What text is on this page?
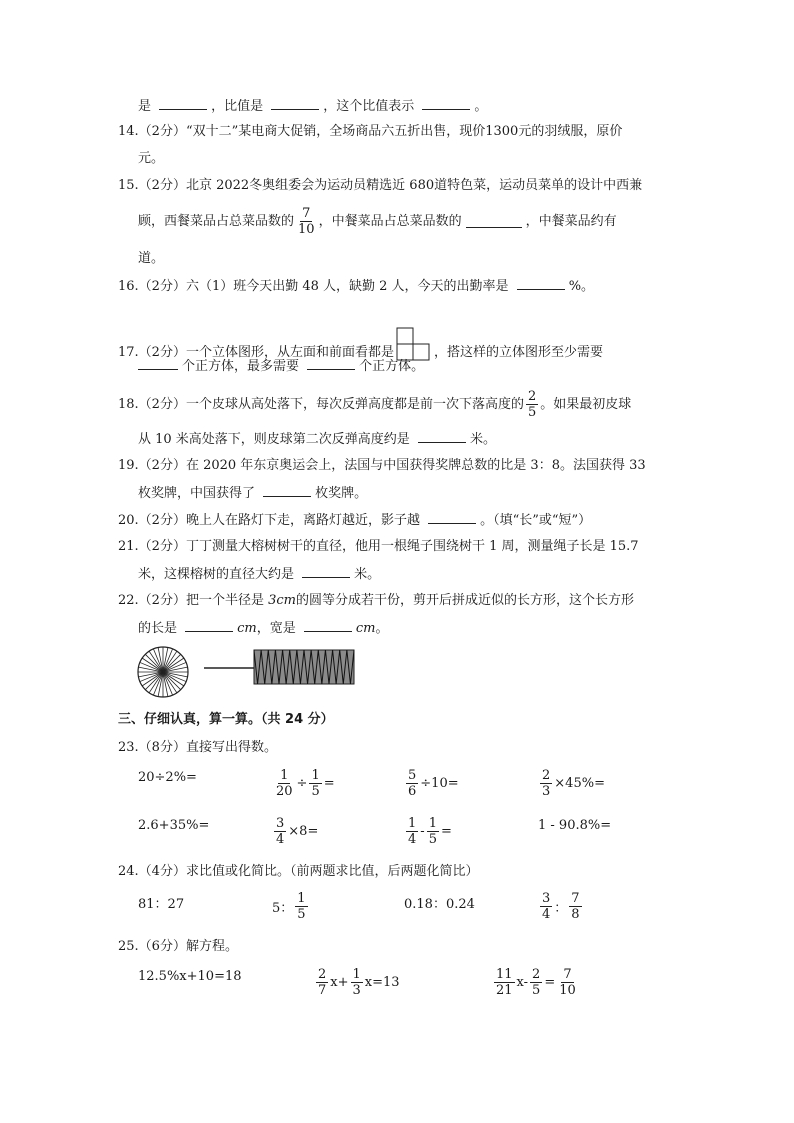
是	，比值是	，这个比值表示	。
14.（2分）“双十二”某电商大促销，全场商品六五折出售，现价1300元的羽绒服，原价
元。
15.（2分）北京 2022冬奥组委会为运动员精选近 680道特色菜，运动员菜单的设计中西兼
顾，西餐菜品占总菜品数的 $\frac{7}{10}$ ，中餐菜品占总菜品数的	，中餐菜品约有
道。
16.（2分）六（1）班今天出勤 48 人，缺勤 2 人，今天的出勤率是	%。
17.（2分）一个立体图形，从左面和前面看都是	，搭这样的立体图形至少需要
个正方体，最多需要	个正方体。
18.（2分）一个皮球从高处落下，每次反弹高度都是前一次下落高度的 $\frac{2}{5}$ 。如果最初皮球
从 10 米高处落下，则皮球第二次反弹高度约是	米。
19.（2分）在 2020 年东京奥运会上，法国与中国获得奖牌总数的比是 3：8。法国获得 33
枚奖牌，中国获得了	枚奖牌。
20.（2分）晚上人在路灯下走，离路灯越近，影子越	。（填“长”或“短”）
21.（2分）丁丁测量大榕树树干的直径，他用一根绳子围绕树干 1 周，测量绳子长是 15.7
米，这棵榕树的直径大约是	米。
22.（2分）把一个半径是 3cm的圆等分成若干份，剪开后拼成近似的长方形，这个长方形
的长是	cm，宽是	cm。
三、仔细认真，算一算。（共 24 分）
23.（8分）直接写出得数。
20÷2%=	$\frac{1}{20} \div \frac{1}{5}$ =	$\frac{5}{6} \div 10=$	$\frac{2}{3} \times 45\%=$
2.6+35%=	$\frac{3}{4} \times 8=$	$\frac{1}{4} - \frac{1}{5}$ =	1 - 90.8%=
24.（4分）求比值或化简比。（前两题求比值，后两题化简比）
81：27	5： $\frac{1}{5}$	0.18：0.24	$\frac{3}{4}$ ： $\frac{7}{8}$
25.（6分）解方程。
12.5%x+10=18	$\frac{2}{7} x+ \frac{1}{3} x=13$	$\frac{11}{21} x- \frac{2}{5} = \frac{7}{10}$
